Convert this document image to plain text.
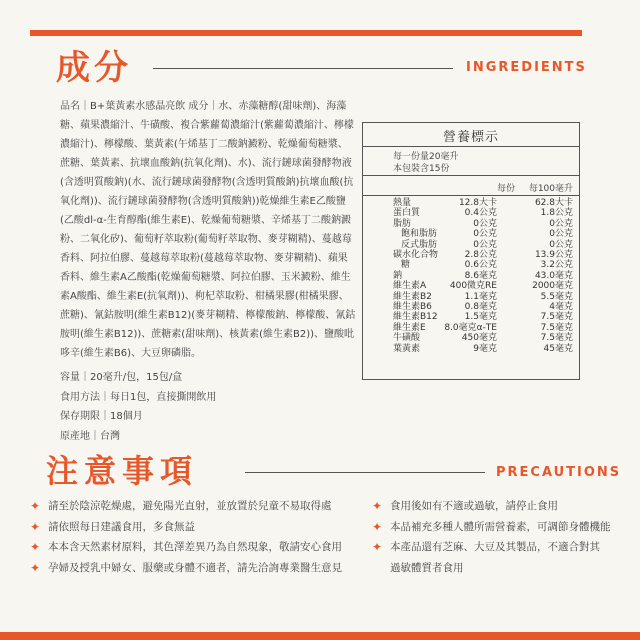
成分	INGREDIENTS
品名｜B+葉黃素水感晶亮飲 成分｜水、赤藻糖醇(甜味劑)、海藻糖、蘋果濃縮汁、牛磺酸、複合紫蘿蔔濃縮汁(紫蘿蔔濃縮汁、檸檬濃縮汁)、檸檬酸、葉黃素(午烯基丁二酸鈉澱粉、乾燥葡萄糖漿、蔗糖、葉黃素、抗壞血酸鈉(抗氧化劑)、水)、流行鏈球菌發酵物液(含透明質酸鈉)(水、流行鏈球菌發酵物(含透明質酸鈉)抗壞血酸(抗氧化劑))、流行鏈球菌發酵物(含透明質酸鈉))乾燥維生素E乙酸鹽(乙酸dl-α-生育醇酯(維生素E)、乾燥葡萄糖漿、辛烯基丁二酸鈉澱粉、二氧化矽)、葡萄籽萃取粉(葡萄籽萃取物、麥芽糊精)、蔓越莓香料、阿拉伯膠、蔓越莓萃取粉(蔓越莓萃取物、麥芽糊精)、蘋果香料、維生素A乙酸酯(乾燥葡萄糖漿、阿拉伯膠、玉米澱粉、維生素A酸酯、維生素E(抗氧劑))、枸杞萃取粉、柑橘果膠(柑橘果膠、蔗糖)、氰鈷胺明(維生素B12)(麥芽糊精、檸檬酸鈉、檸檬酸、氰鈷胺明(維生素B12))、蔗糖素(甜味劑)、核黃素(維生素B2))、鹽酸吡哆辛(維生素B6)、大豆卵磷脂。
容量｜20毫升/包，15包/盒
食用方法｜每日1包，直接撕開飲用
保存期限｜18個月
原產地｜台灣
營養標示
每一份量20毫升
本包裝含15份
每份 每100毫升
熱量	12.8大卡	62.8大卡
蛋白質	0.4公克	1.8公克
脂肪	0公克	0公克
飽和脂肪	0公克	0公克
反式脂肪	0公克	0公克
碳水化合物	2.8公克	13.9公克
糖	0.6公克	3.2公克
鈉	8.6毫克	43.0毫克
維生素A	400微克RE	2000毫克
維生素B2	1.1毫克	5.5毫克
維生素B6	0.8毫克	4毫克
維生素B12	1.5毫克	7.5毫克
維生素E 8.0毫克α-TE	7.5毫克
牛磺酸	450毫克	7.5毫克
葉黃素	9毫克	45毫克
注意事項	PRECAUTIONS
✦ 請至於陰涼乾燥處，避免陽光直射，並放置於兒童不易取得處
✦ 請依照每日建議食用，多食無益
✦ 本本含天然素材原料，其色澤差異乃為自然現象，敬請安心食用
✦ 孕婦及授乳中婦女、服藥或身體不適者，請先洽詢專業醫生意見
✦ 食用後如有不適或過敏，請停止食用
✦ 本品補充多種人體所需營養素，可調節身體機能
✦ 本產品還有芝麻、大豆及其製品，不適合對其
過敏體質者食用
